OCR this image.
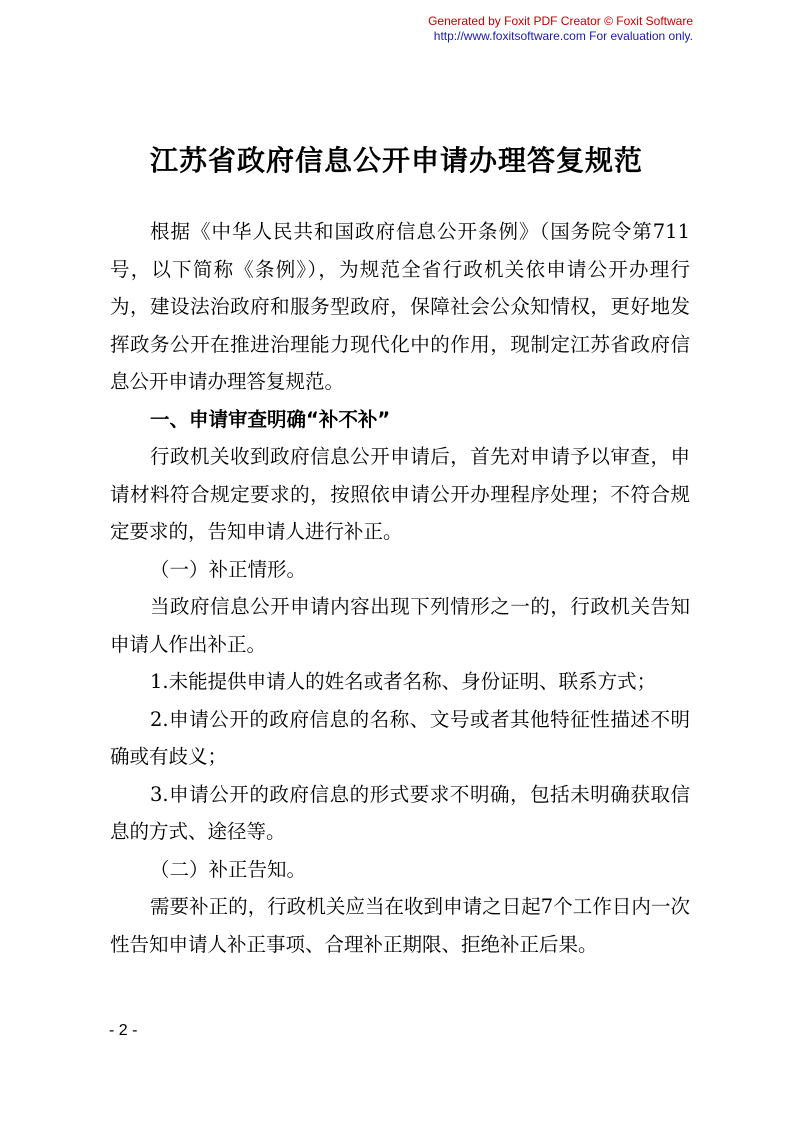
Generated by Foxit PDF Creator © Foxit Software
http://www.foxitsoftware.com For evaluation only.
江苏省政府信息公开申请办理答复规范

根据《中华人民共和国政府信息公开条例》（国务院令第711号，以下简称《条例》），为规范全省行政机关依申请公开办理行为，建设法治政府和服务型政府，保障社会公众知情权，更好地发挥政务公开在推进治理能力现代化中的作用，现制定江苏省政府信息公开申请办理答复规范。

一、申请审查明确“补不补”

行政机关收到政府信息公开申请后，首先对申请予以审查，申请材料符合规定要求的，按照依申请公开办理程序处理；不符合规定要求的，告知申请人进行补正。

（一）补正情形。

当政府信息公开申请内容出现下列情形之一的，行政机关告知申请人作出补正。

1.未能提供申请人的姓名或者名称、身份证明、联系方式；

2.申请公开的政府信息的名称、文号或者其他特征性描述不明确或有歧义；

3.申请公开的政府信息的形式要求不明确，包括未明确获取信息的方式、途径等。

（二）补正告知。

需要补正的，行政机关应当在收到申请之日起7个工作日内一次性告知申请人补正事项、合理补正期限、拒绝补正后果。

- 2 -
